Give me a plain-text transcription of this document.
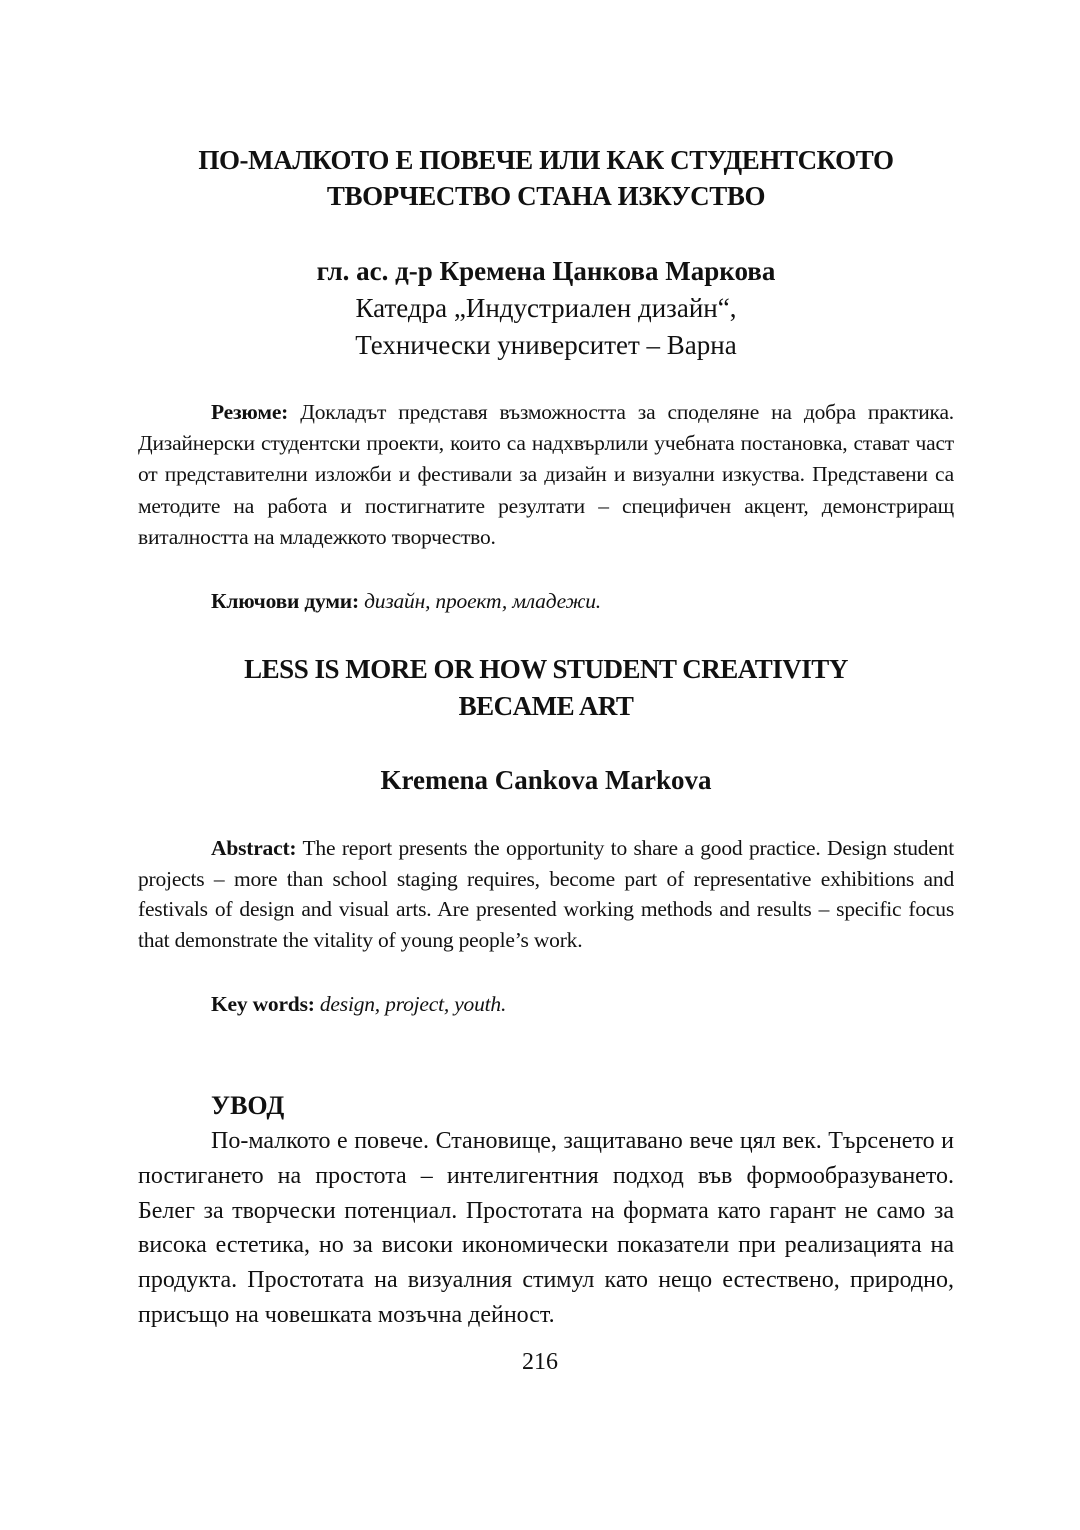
ПО-МАЛКОТО Е ПОВЕЧЕ ИЛИ КАК СТУДЕНТСКОТО
ТВОРЧЕСТВО СТАНА ИЗКУСТВО
гл. ас. д-р Кремена Цанкова Маркова
Катедра „Индустриален дизайн“,
Технически университет – Варна
Резюме: Докладът представя възможността за споделяне на добра практика. Дизайнерски студентски проекти, които са надхвърлили учебната постановка, стават част от представителни изложби и фестивали за дизайн и визуални изкуства. Представени са методите на работа и постигнатите резултати – специфичен акцент, демонстриращ виталността на младежкото творчество.
Ключови думи: дизайн, проект, младежи.
LESS IS MORE OR HOW STUDENT CREATIVITY
BECAME ART
Kremena Cankova Markova
Abstract: The report presents the opportunity to share a good practice. Design student projects – more than school staging requires, become part of representative exhibitions and festivals of design and visual arts. Are presented working methods and results – specific focus that demonstrate the vitality of young people’s work.
Key words: design, project, youth.
УВОД
По-малкото е повече. Становище, защитавано вече цял век. Търсенето и постигането на простота – интелигентния подход във формообразуването. Белег за творчески потенциал. Простотата на формата като гарант не само за висока естетика, но за високи икономически показатели при реализацията на продукта. Простотата на визуалния стимул като нещо естествено, природно, присъщо на човешката мозъчна дейност.
216
